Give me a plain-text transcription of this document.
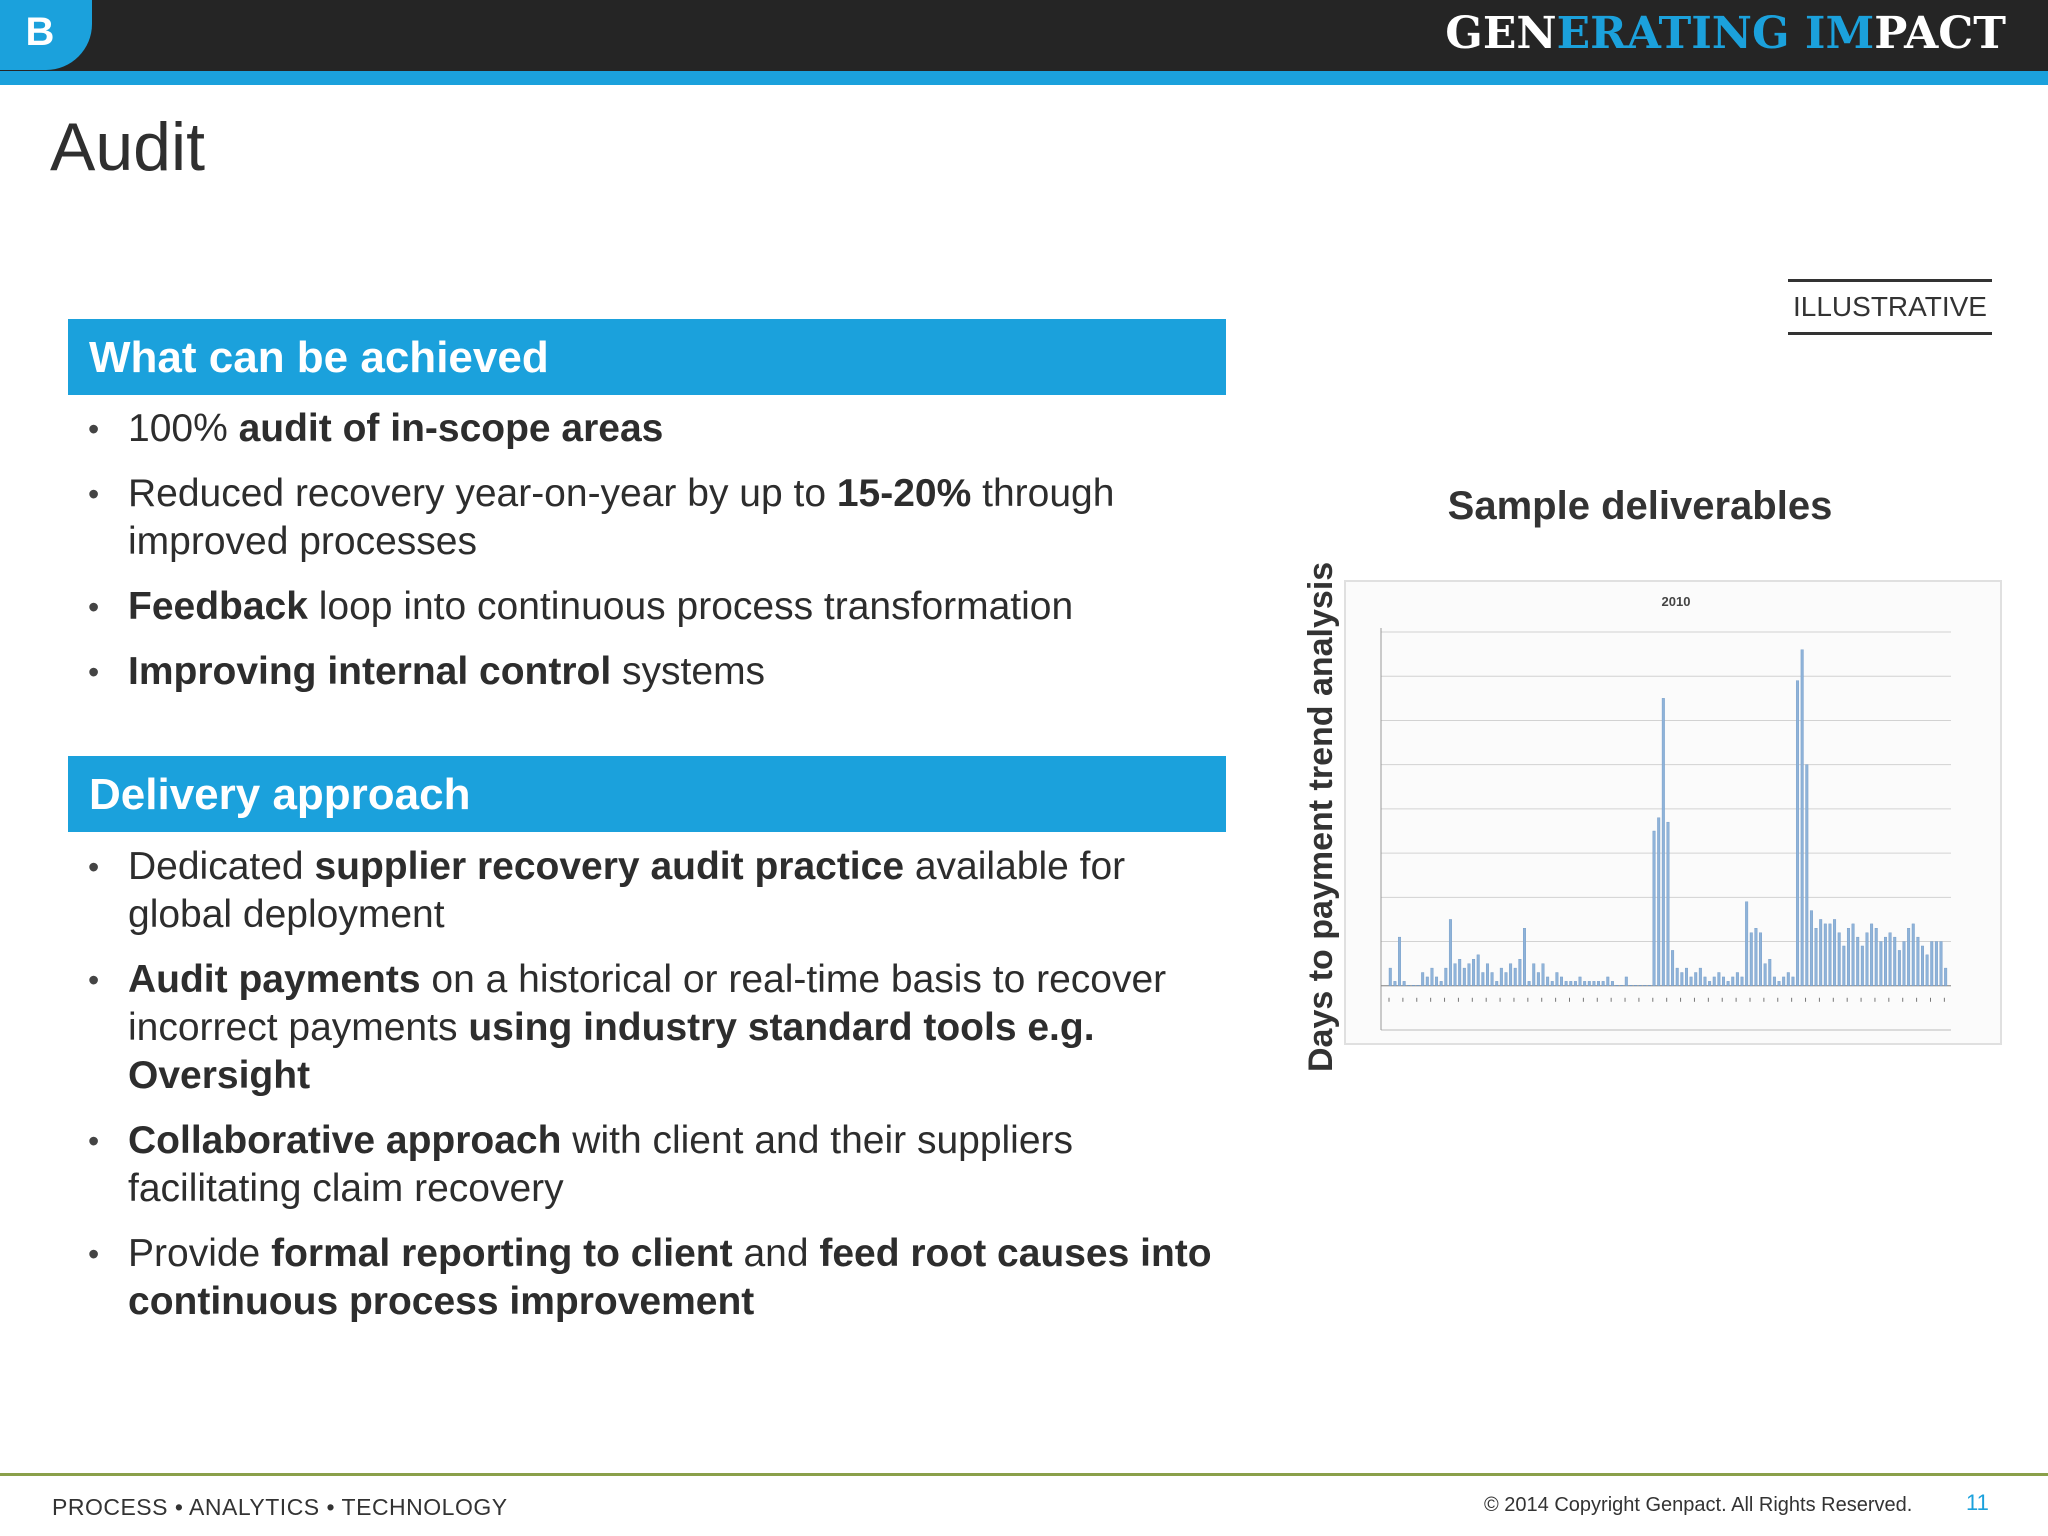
B	GENERATING IMPACT
Audit
ILLUSTRATIVE
What can be achieved
• 100% audit of in-scope areas
• Reduced recovery year-on-year by up to 15-20% through improved processes
• Feedback loop into continuous process transformation
• Improving internal control systems
Delivery approach
• Dedicated supplier recovery audit practice available for global deployment
• Audit payments on a historical or real-time basis to recover incorrect payments using industry standard tools e.g. Oversight
• Collaborative approach with client and their suppliers facilitating claim recovery
• Provide formal reporting to client and feed root causes into continuous process improvement
Sample deliverables
Days to payment trend analysis	2010
PROCESS • ANALYTICS • TECHNOLOGY	© 2014 Copyright Genpact. All Rights Reserved. 11
